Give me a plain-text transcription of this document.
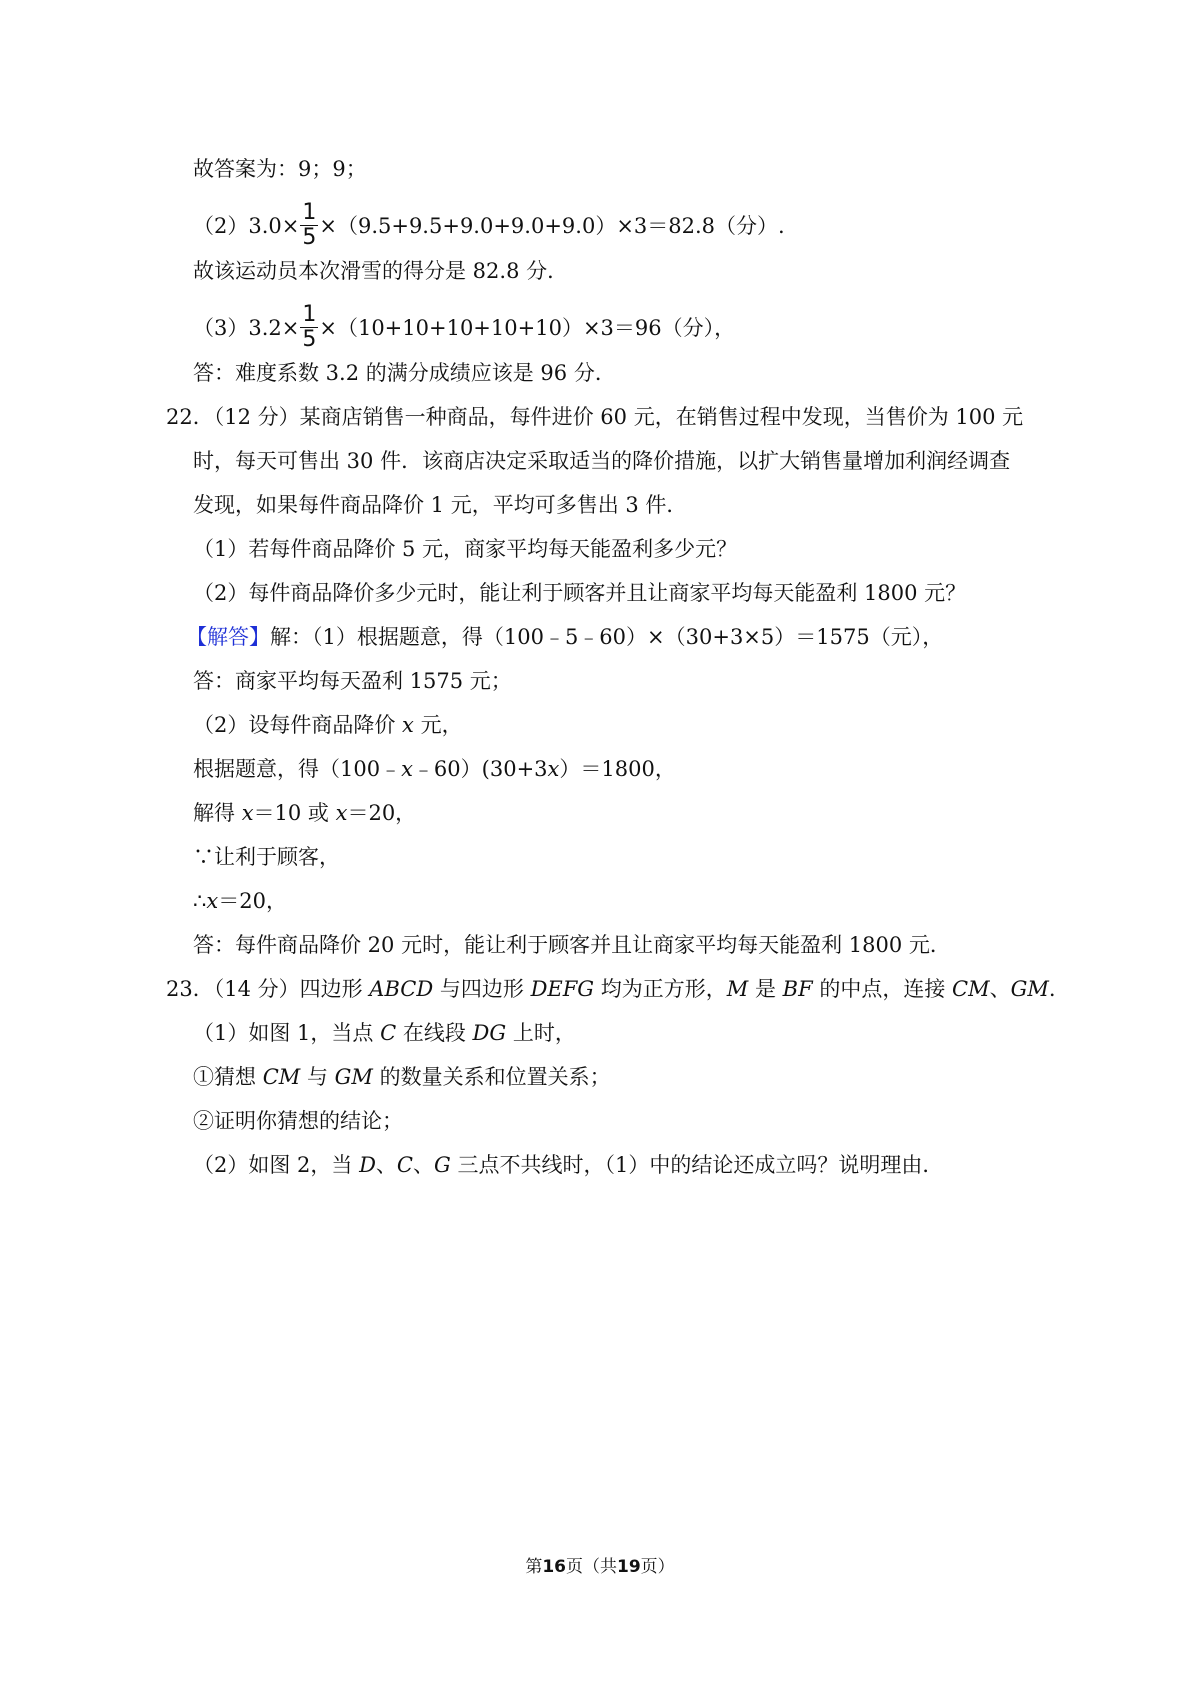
故答案为：9；9；
$(2)3.0\times \frac{1}{5} \times(9.5+9.5+9.0+9.0+9.0)\times 3=82.8$（分）.
故该运动员本次滑雪的得分是 82.8 分．
$(3)3.2\times \frac{1}{5} \times(10+10+10+10+10)\times 3=96$（分），
答：难度系数 3.2 的满分成绩应该是 96 分．
22．（12 分）某商店销售一种商品，每件进价 60 元，在销售过程中发现，当售价为 100 元
时，每天可售出 30 件．该商店决定采取适当的降价措施，以扩大销售量增加利润经调查
发现，如果每件商品降价 1 元，平均可多售出 3 件．
（1）若每件商品降价 5 元，商家平均每天能盈利多少元？
（2）每件商品降价多少元时，能让利于顾客并且让商家平均每天能盈利 1800 元？
【解答】解：（1）根据题意，得（100﹣5﹣60）×（30+3×5）＝1575（元），
答：商家平均每天盈利 1575 元；
（2）设每件商品降价 x 元，
根据题意，得（100﹣x﹣60）(30+3x）＝1800，
解得 x＝10 或 x＝20，
∵让利于顾客，
∴x＝20，
答：每件商品降价 20 元时，能让利于顾客并且让商家平均每天能盈利 1800 元．
23．（14 分）四边形 ABCD 与四边形 DEFG 均为正方形，M 是 BF 的中点，连接 CM、GM.
（1）如图 1，当点 C 在线段 DG 上时，
①猜想 CM 与 GM 的数量关系和位置关系；
②证明你猜想的结论；
（2）如图 2，当 D、C、G 三点不共线时，（1）中的结论还成立吗？说明理由．
第16页（共19页）
